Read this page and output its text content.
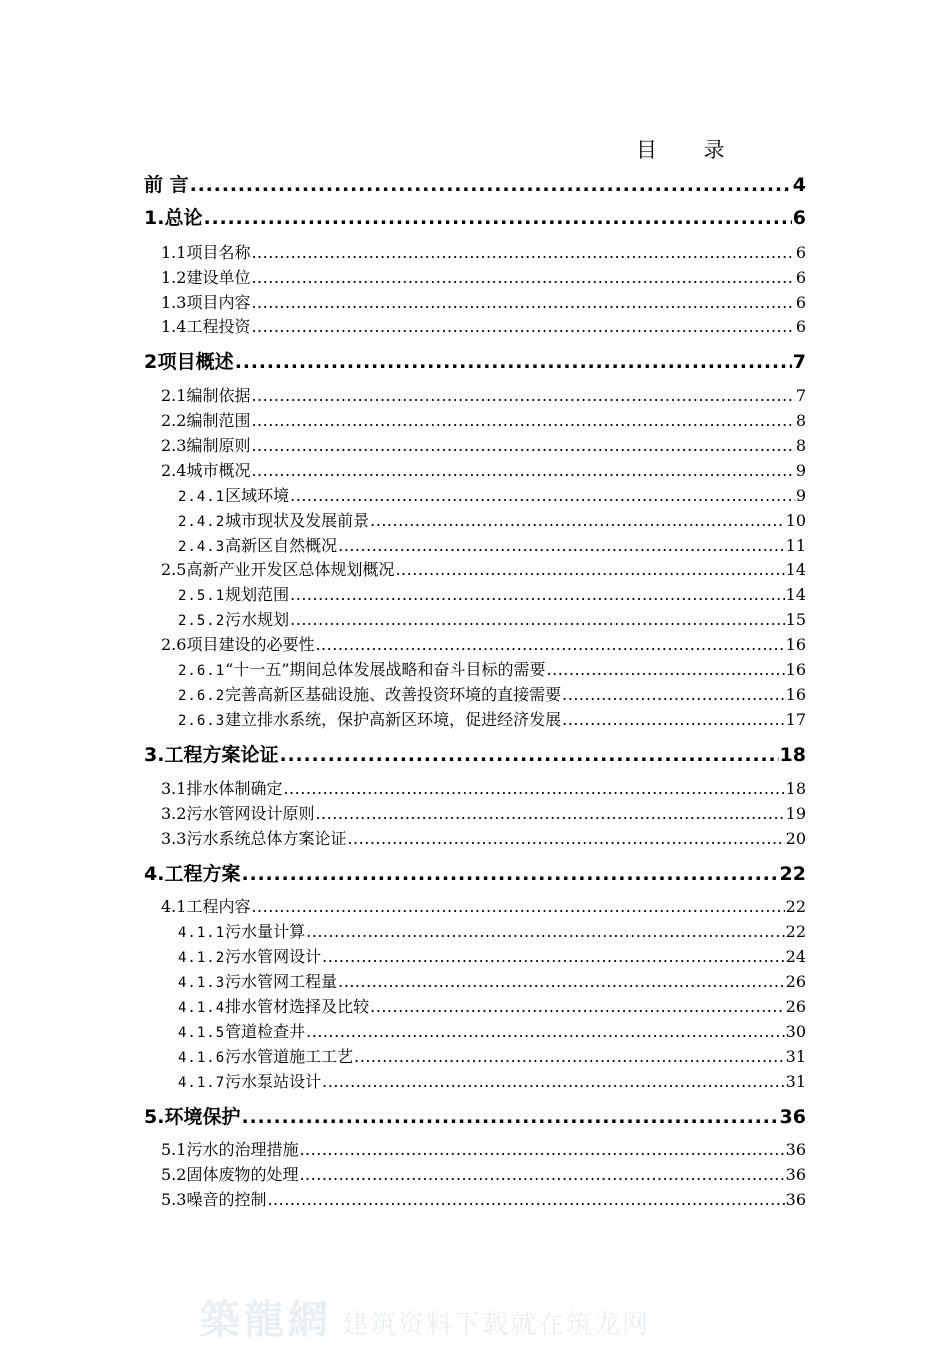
目 录
前 言 .....	4
1. 总论 .....	6
1.1 项目名称 .....	6
1.2 建设单位 .....	6
1.3 项目内容 .....	6
1.4 工程投资 .....	6
2 项目概述 .....	7
2.1 编制依据 .....	7
2.2 编制范围 .....	8
2.3 编制原则 .....	8
2.4 城市概况 .....	9
2.4.1 区域环境 .....	9
2.4.2 城市现状及发展前景 .....	10
2.4.3 高新区自然概况 .....	11
2.5 高新产业开发区总体规划概况 .....	14
2.5.1 规划范围 .....	14
2.5.2 污水规划 .....	15
2.6 项目建设的必要性 .....	16
2.6.1 “十一五”期间总体发展战略和奋斗目标的需要 .....	16
2.6.2 完善高新区基础设施、改善投资环境的直接需要 .....	16
2.6.3 建立排水系统，保护高新区环境，促进经济发展 .....	17
3. 工程方案论证 .....	18
3.1 排水体制确定 .....	18
3.2 污水管网设计原则 .....	19
3.3 污水系统总体方案论证 .....	20
4. 工程方案 .....	22
4.1 工程内容 .....	22
4.1.1 污水量计算 .....	22
4.1.2 污水管网设计 .....	24
4.1.3 污水管网工程量 .....	26
4.1.4 排水管材选择及比较 .....	26
4.1.5 管道检查井 .....	30
4.1.6 污水管道施工工艺 .....	31
4.1.7 污水泵站设计 .....	31
5. 环境保护 .....	36
5.1 污水的治理措施 .....	36
5.2 固体废物的处理 .....	36
5.3 噪音的控制 .....	36
築龍網 建筑资料下载就在筑龙网
